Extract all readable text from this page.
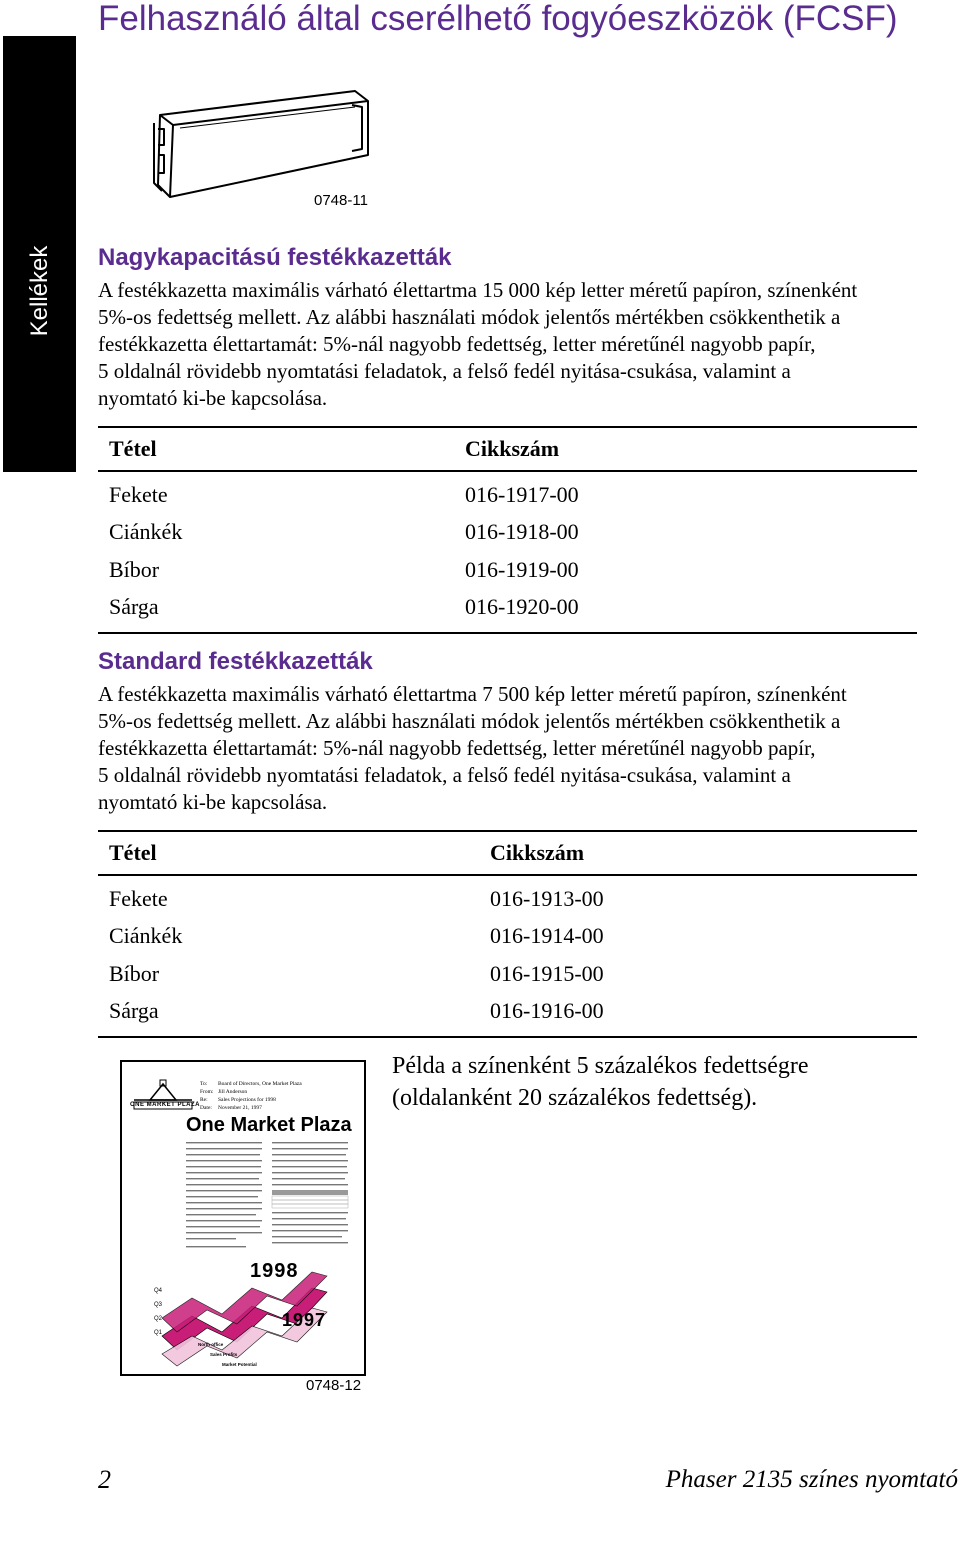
Felhasználó által cserélhető fogyóeszközök (FCSF)
Kellékek
0748-11
Nagykapacitású festékkazetták

A festékkazetta maximális várható élettartma 15 000 kép letter méretű papíron, színenként

5%-os fedettség mellett. Az alábbi használati módok jelentős mértékben csökkenthetik a

festékkazetta élettartamát: 5%-nál nagyobb fedettség, letter méretűnél nagyobb papír,

5 oldalnál rövidebb nyomtatási feladatok, a felső fedél nyitása-csukása, valamint a

nyomtató ki-be kapcsolása.

Tétel	Cikkszám
Fekete	016-1917-00
Ciánkék	016-1918-00
Bíbor	016-1919-00
Sárga	016-1920-00
Standard festékkazetták

A festékkazetta maximális várható élettartma 7 500 kép letter méretű papíron, színenként

5%-os fedettség mellett. Az alábbi használati módok jelentős mértékben csökkenthetik a

festékkazetta élettartamát: 5%-nál nagyobb fedettség, letter méretűnél nagyobb papír,

5 oldalnál rövidebb nyomtatási feladatok, a felső fedél nyitása-csukása, valamint a

nyomtató ki-be kapcsolása.

Tétel	Cikkszám
Fekete	016-1913-00
Ciánkék	016-1914-00
Bíbor	016-1915-00
Sárga	016-1916-00
ONE MARKET PLAZA
To: Board of Directors, One Market Plaza
From: Jill Anderson
Re: Sales Projections for 1998
Date: November 21, 1997
One Market Plaza
1998
1997
Q4
Q3
Q2
Q1
North office
Sales Profits
Market Potential
0748-12
Példa a színenként 5 százalékos fedettségre
(oldalanként 20 százalékos fedettség).
2	Phaser 2135 színes nyomtató
